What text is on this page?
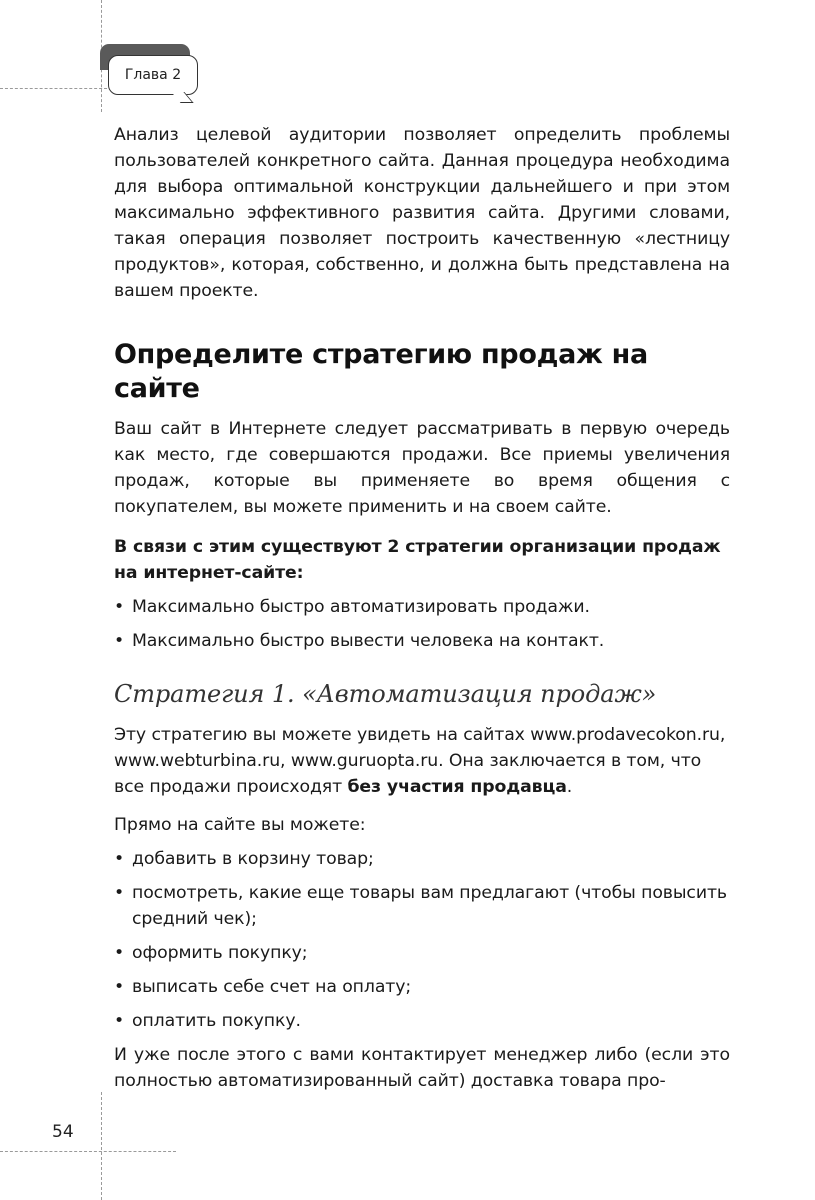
Глава 2

Анализ целевой аудитории позволяет определить проблемы пользователей конкретного сайта. Данная процедура необходима для выбора оптимальной конструкции дальнейшего и при этом максимально эффективного развития сайта. Другими словами, такая операция позволяет построить качественную «лестницу продуктов», которая, собственно, и должна быть представлена на вашем проекте.

Определите стратегию продаж на сайте

Ваш сайт в Интернете следует рассматривать в первую очередь как место, где совершаются продажи. Все приемы увеличения продаж, которые вы применяете во время общения с покупателем, вы можете применить и на своем сайте.

В связи с этим существуют 2 стратегии организации продаж на интернет-сайте:

• Максимально быстро автоматизировать продажи.
• Максимально быстро вывести человека на контакт.
Стратегия 1. «Автоматизация продаж»

Эту стратегию вы можете увидеть на сайтах www.prodavecokon.ru, www.webturbina.ru, www.guruopta.ru. Она заключается в том, что все продажи происходят без участия продавца.

Прямо на сайте вы можете:

• добавить в корзину товар;
• посмотреть, какие еще товары вам предлагают (чтобы повысить средний чек);
• оформить покупку;
• выписать себе счет на оплату;
• оплатить покупку.

И уже после этого с вами контактирует менеджер либо (если это полностью автоматизированный сайт) доставка товара про-

54
